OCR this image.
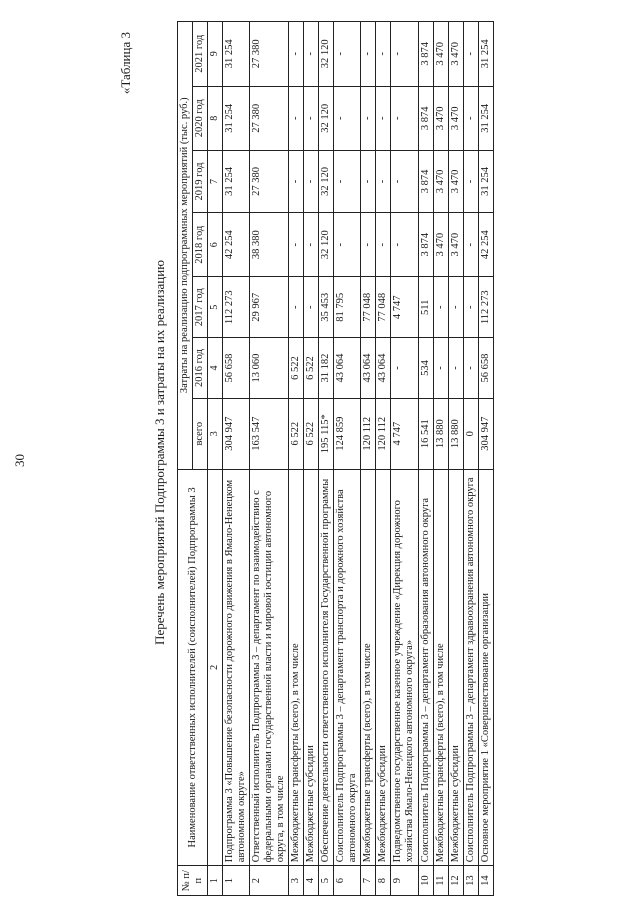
30
«Таблица 3
Перечень мероприятий Подпрограммы 3 и затраты на их реализацию
№ п/п	Наименование ответственных исполнителей (соисполнителей) Подпрограммы 3	Затраты на реализацию подпрограммных мероприятий (тыс. руб.)						
		всего	2016 год	2017 год	2018 год	2019 год	2020 год	2021 год

1	2	3	4	5	6	7	8	9
1	Подпрограмма 3 «Повышение безопасности дорожного движения в Ямало-Ненецком автономном округе»	304 947	56 658	112 273	42 254	31 254	31 254	31 254
2	Ответственный исполнитель Подпрограммы 3 – департамент по взаимодействию с федеральными органами государственной власти и мировой юстиции автономного округа, в том числе	163 547	13 060	29 967	38 380	27 380	27 380	27 380
3	Межбюджетные трансферты (всего), в том числе	6 522	6 522	-	-	-	-	-
4	Межбюджетные субсидии	6 522	6 522	-	-	-	-	-
5	Обеспечение деятельности ответственного исполнителя Государственной программы	195 115*	31 182	35 453	32 120	32 120	32 120	32 120
6	Соисполнитель Подпрограммы 3 – департамент транспорта и дорожного хозяйства автономного округа	124 859	43 064	81 795	-	-	-	-
7	Межбюджетные трансферты (всего), в том числе	120 112	43 064	77 048	-	-	-	-
8	Межбюджетные субсидии	120 112	43 064	77 048	-	-	-	-
9	Подведомственное государственное казенное учреждение «Дирекция дорожного хозяйства Ямало-Ненецкого автономного округа»	4 747	-	4 747	-	-	-	-
10	Соисполнитель Подпрограммы 3 – департамент образования автономного округа	16 541	534	511	3 874	3 874	3 874	3 874
11	Межбюджетные трансферты (всего), в том числе	13 880	-	-	3 470	3 470	3 470	3 470
12	Межбюджетные субсидии	13 880	-	-	3 470	3 470	3 470	3 470
13	Соисполнитель Подпрограммы 3 – департамент здравоохранения автономного округа	0	-	-	-	-	-	-
14	Основное мероприятие 1 «Совершенствование организации	304 947	56 658	112 273	42 254	31 254	31 254	31 254
